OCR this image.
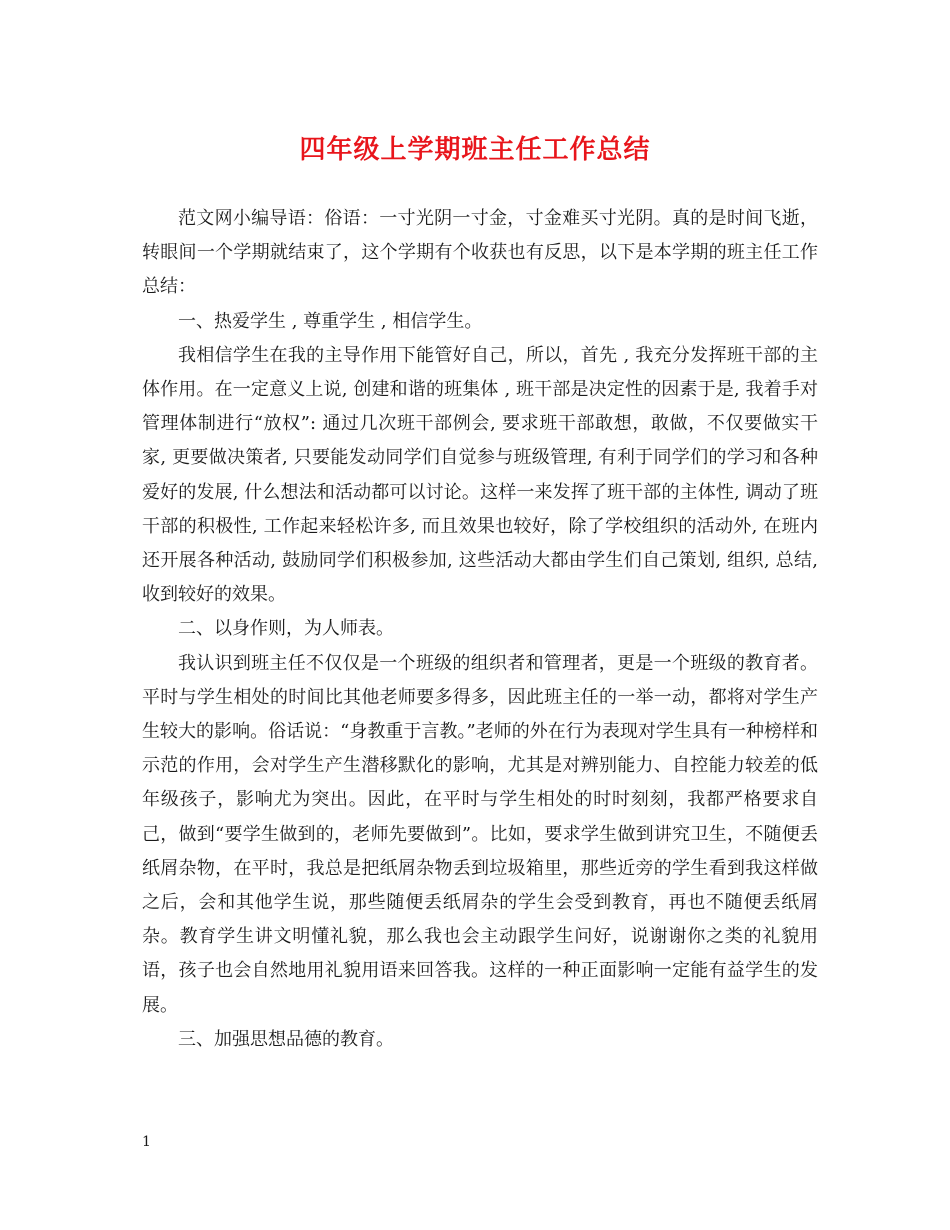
四年级上学期班主任工作总结

范文网小编导语：俗语：一寸光阴一寸金，寸金难买寸光阴。真的是时间飞逝，转眼间一个学期就结束了，这个学期有个收获也有反思，以下是本学期的班主任工作总结：

一、热爱学生 , 尊重学生 , 相信学生。

我相信学生在我的主导作用下能管好自己，所以，首先 , 我充分发挥班干部的主体作用。在一定意义上说, 创建和谐的班集体 , 班干部是决定性的因素于是, 我着手对管理体制进行“放权”: 通过几次班干部例会, 要求班干部敢想，敢做，不仅要做实干家, 更要做决策者, 只要能发动同学们自觉参与班级管理, 有利于同学们的学习和各种爱好的发展, 什么想法和活动都可以讨论。这样一来发挥了班干部的主体性, 调动了班干部的积极性, 工作起来轻松许多, 而且效果也较好，除了学校组织的活动外, 在班内还开展各种活动, 鼓励同学们积极参加, 这些活动大都由学生们自己策划, 组织, 总结, 收到较好的效果。

二、以身作则，为人师表。

我认识到班主任不仅仅是一个班级的组织者和管理者，更是一个班级的教育者。平时与学生相处的时间比其他老师要多得多，因此班主任的一举一动，都将对学生产生较大的影响。俗话说：“身教重于言教。”老师的外在行为表现对学生具有一种榜样和示范的作用，会对学生产生潜移默化的影响，尤其是对辨别能力、自控能力较差的低年级孩子，影响尤为突出。因此，在平时与学生相处的时时刻刻，我都严格要求自己，做到“要学生做到的，老师先要做到”。比如，要求学生做到讲究卫生，不随便丢纸屑杂物，在平时，我总是把纸屑杂物丢到垃圾箱里，那些近旁的学生看到我这样做之后，会和其他学生说，那些随便丢纸屑杂的学生会受到教育，再也不随便丢纸屑杂。教育学生讲文明懂礼貌，那么我也会主动跟学生问好，说谢谢你之类的礼貌用语，孩子也会自然地用礼貌用语来回答我。这样的一种正面影响一定能有益学生的发展。

三、加强思想品德的教育。

1
